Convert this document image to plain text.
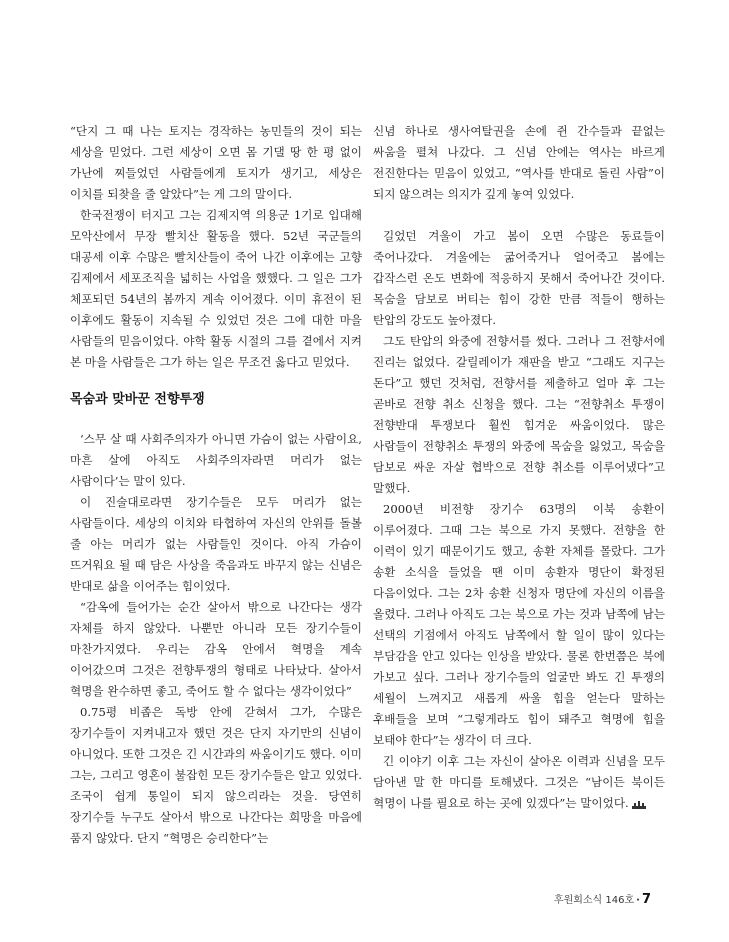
“단지 그 때 나는 토지는 경작하는 농민들의 것이 되는 세상을 믿었다. 그런 세상이 오면 몸 기댈 땅 한 평 없이 가난에 찌들었던 사람들에게 토지가 생기고, 세상은 이치를 되찾을 줄 알았다”는 게 그의 말이다.

한국전쟁이 터지고 그는 김제지역 의용군 1기로 입대해 모악산에서 무장 빨치산 활동을 했다. 52년 국군들의 대공세 이후 수많은 빨치산들이 죽어 나간 이후에는 고향 김제에서 세포조직을 넓히는 사업을 했했다. 그 일은 그가 체포되던 54년의 봄까지 계속 이어졌다. 이미 휴전이 된 이후에도 활동이 지속될 수 있었던 것은 그에 대한 마을 사람들의 믿음이었다. 야학 활동 시절의 그를 곁에서 지켜 본 마을 사람들은 그가 하는 일은 무조건 옳다고 믿었다.

목숨과 맞바꾼 전향투쟁

‘스무 살 때 사회주의자가 아니면 가슴이 없는 사람이요, 마흔 살에 아직도 사회주의자라면 머리가 없는 사람이다’는 말이 있다.

이 진술대로라면 장기수들은 모두 머리가 없는 사람들이다. 세상의 이치와 타협하여 자신의 안위를 돌볼 줄 아는 머리가 없는 사람들인 것이다. 아직 가슴이 뜨거워요 될 때 담은 사상을 죽음과도 바꾸지 않는 신념은 반대로 삶을 이어주는 힘이었다.

“감옥에 들어가는 순간 살아서 밖으로 나간다는 생각 자체를 하지 않았다. 나뿐만 아니라 모든 장기수들이 마찬가지였다. 우리는 감옥 안에서 혁명을 계속 이어갔으며 그것은 전향투쟁의 형태로 나타났다. 살아서 혁명을 완수하면 좋고, 죽어도 할 수 없다는 생각이었다”

0.75평 비좁은 독방 안에 갇혀서 그가, 수많은 장기수들이 지켜내고자 했던 것은 단지 자기만의 신념이 아니었다. 또한 그것은 긴 시간과의 싸움이기도 했다. 이미 그는, 그리고 영혼이 불잡힌 모든 장기수들은 알고 있었다. 조국이 쉽게 통일이 되지 않으리라는 것을. 당연히 장기수들 누구도 살아서 밖으로 나간다는 희망을 마음에 품지 않았다. 단지 “혁명은 승리한다”는

신념 하나로 생사여탈권을 손에 쥔 간수들과 끝없는 싸움을 펼쳐 나갔다. 그 신념 안에는 역사는 바르게 전진한다는 믿음이 있었고, “역사를 반대로 돌린 사람”이 되지 않으려는 의지가 깊게 놓여 있었다.

길었던 겨울이 가고 봄이 오면 수많은 동료들이 죽어나갔다. 겨울에는 굶어죽거나 얼어죽고 봄에는 갑작스런 온도 변화에 적응하지 못해서 죽어나간 것이다. 목숨을 담보로 버티는 힘이 강한 만큼 적들이 행하는 탄압의 강도도 높아졌다.

그도 탄압의 와중에 전향서를 썼다. 그러나 그 전향서에 진리는 없었다. 갈릴레이가 재판을 받고 “그래도 지구는 돈다”고 했던 것처럼, 전향서를 제출하고 얼마 후 그는 곧바로 전향 취소 신청을 했다. 그는 “전향취소 투쟁이 전향반대 투쟁보다 훨씬 힘겨운 싸움이었다. 많은 사람들이 전향취소 투쟁의 와중에 목숨을 잃었고, 목숨을 담보로 싸운 자살 협박으로 전향 취소를 이루어냈다”고 말했다.

2000년 비전향 장기수 63명의 이북 송환이 이루어졌다. 그때 그는 북으로 가지 못했다. 전향을 한 이력이 있기 때문이기도 했고, 송환 자체를 몰랐다. 그가 송환 소식을 들었을 땐 이미 송환자 명단이 확정된 다음이었다. 그는 2차 송환 신청자 명단에 자신의 이름을 올렸다. 그러나 아직도 그는 북으로 가는 것과 남쪽에 남는 선택의 기점에서 아직도 남쪽에서 할 일이 많이 있다는 부담감을 안고 있다는 인상을 받았다. 물론 한번쯤은 북에 가보고 싶다. 그러나 장기수들의 얼굴만 봐도 긴 투쟁의 세월이 느껴지고 새롭게 싸울 힘을 얻는다 말하는 후배들을 보며 “그렇게라도 힘이 돼주고 혁명에 힘을 보태야 한다”는 생각이 더 크다.

긴 이야기 이후 그는 자신이 살아온 이력과 신념을 모두 담아낸 말 한 마디를 토해냈다. 그것은 “남이든 북이든 혁명이 나를 필요로 하는 곳에 있겠다”는 말이었다.

후원회소식 146호 · 7
